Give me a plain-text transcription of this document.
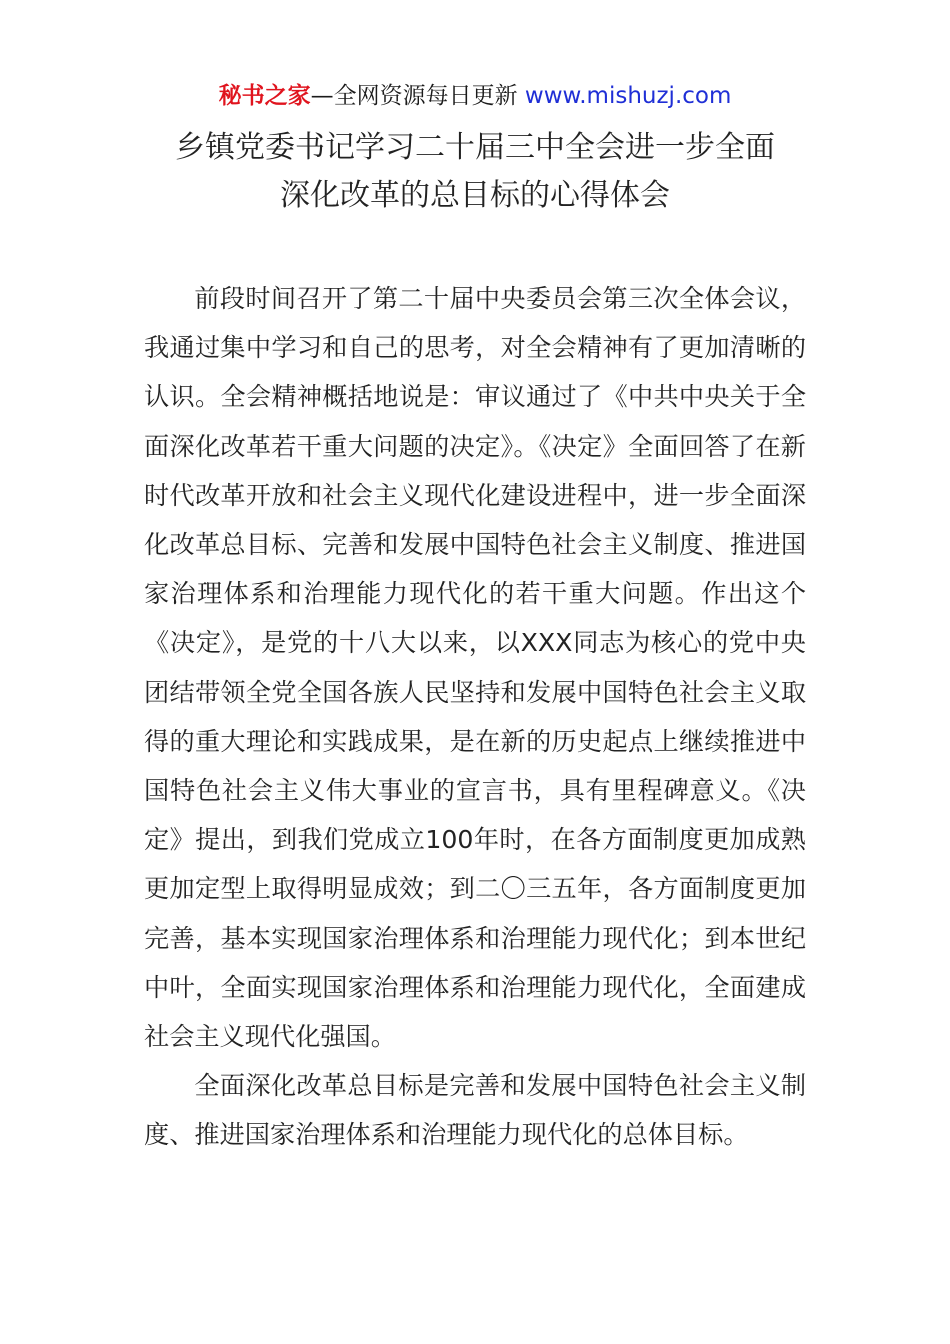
秘书之家—全网资源每日更新 www.mishuzj.com
乡镇党委书记学习二十届三中全会进一步全面
深化改革的总目标的心得体会

前段时间召开了第二十届中央委员会第三次全体会议，我通过集中学习和自己的思考，对全会精神有了更加清晰的认识。全会精神概括地说是：审议通过了《中共中央关于全面深化改革若干重大问题的决定》。《决定》全面回答了在新时代改革开放和社会主义现代化建设进程中，进一步全面深化改革总目标、完善和发展中国特色社会主义制度、推进国家治理体系和治理能力现代化的若干重大问题。作出这个《决定》，是党的十八大以来，以XXX同志为核心的党中央团结带领全党全国各族人民坚持和发展中国特色社会主义取得的重大理论和实践成果，是在新的历史起点上继续推进中国特色社会主义伟大事业的宣言书，具有里程碑意义。《决定》提出，到我们党成立100年时，在各方面制度更加成熟更加定型上取得明显成效；到二〇三五年，各方面制度更加完善，基本实现国家治理体系和治理能力现代化；到本世纪中叶，全面实现国家治理体系和治理能力现代化，全面建成社会主义现代化强国。

全面深化改革总目标是完善和发展中国特色社会主义制度、推进国家治理体系和治理能力现代化的总体目标。
